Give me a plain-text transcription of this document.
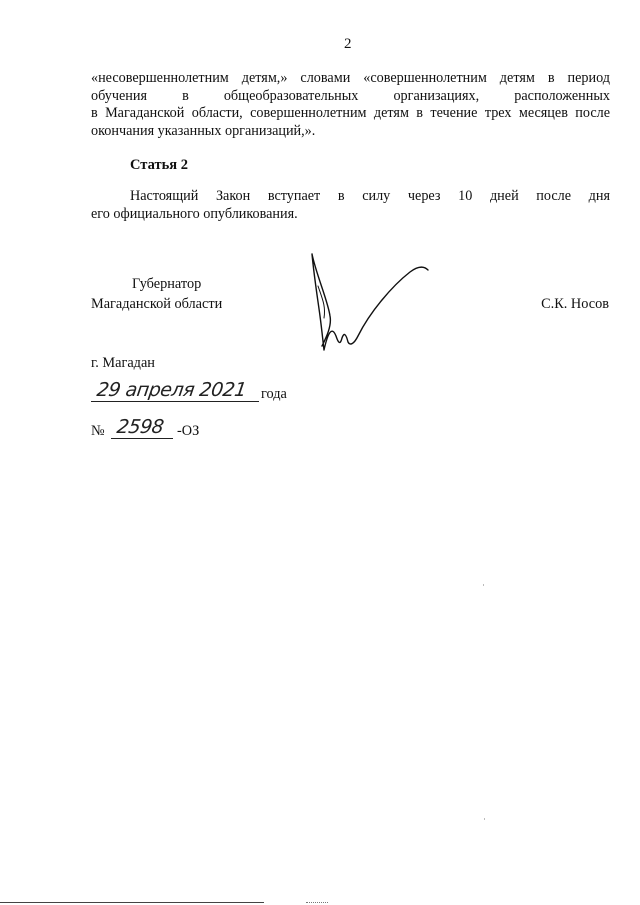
2
«несовершеннолетним детям,» словами «совершеннолетним детям в период
обучения в общеобразовательных организациях, расположенных
в Магаданской области, совершеннолетним детям в течение трех месяцев после
окончания указанных организаций,».
Статья 2
Настоящий Закон вступает в силу через 10 дней после дня
его официального опубликования.
Губернатор
Магаданской области	С.К. Носов
г. Магадан
29 апреля 2021 года
№ 2598 -ОЗ
